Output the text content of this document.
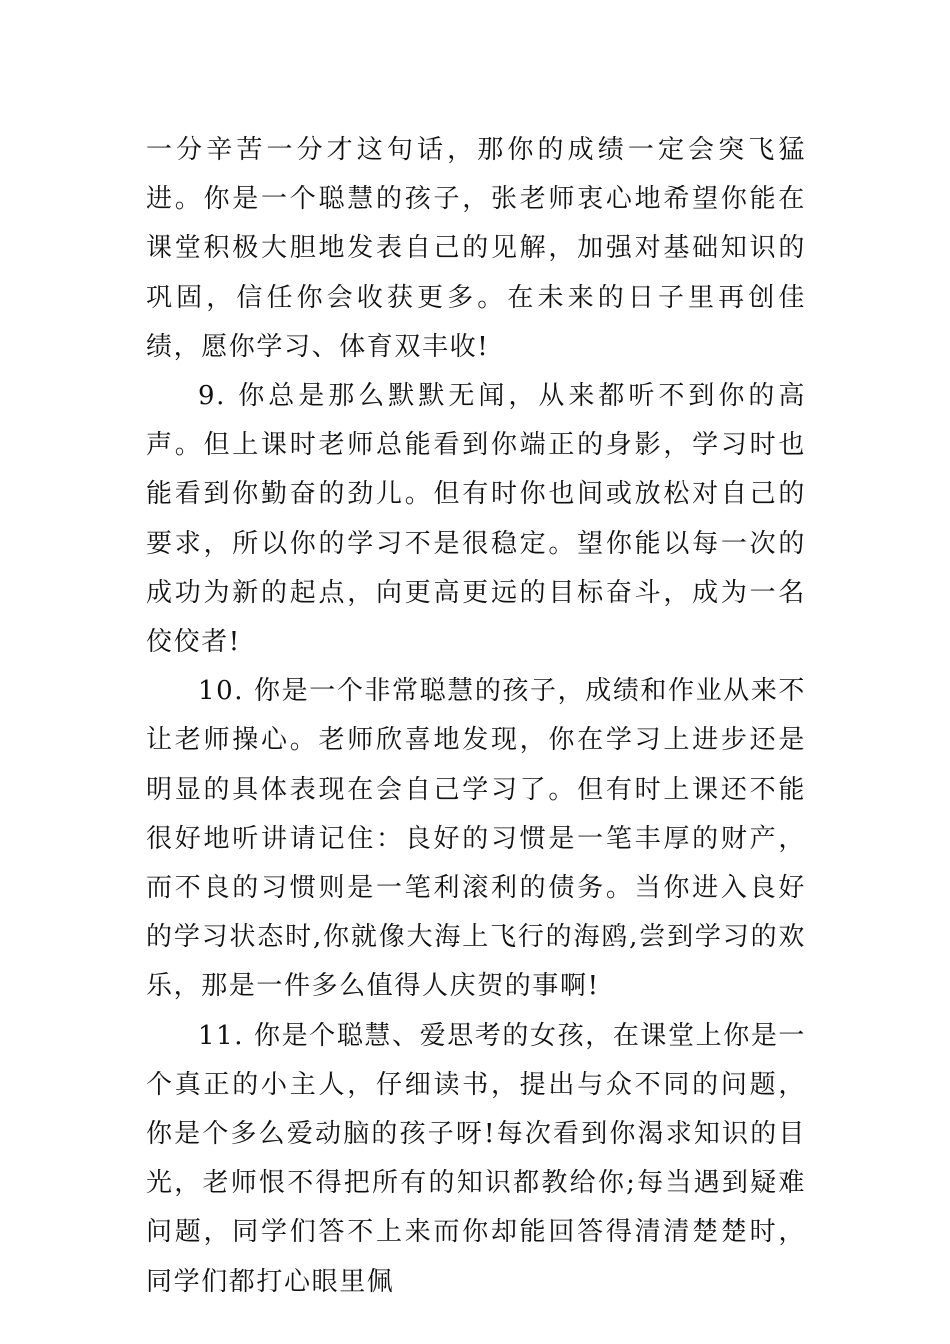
一分辛苦一分才这句话，那你的成绩一定会突飞猛进。你是一个聪慧的孩子，张老师衷心地希望你能在课堂积极大胆地发表自己的见解，加强对基础知识的巩固，信任你会收获更多。在未来的日子里再创佳绩，愿你学习、体育双丰收!

9. 你总是那么默默无闻，从来都听不到你的高声。但上课时老师总能看到你端正的身影，学习时也能看到你勤奋的劲儿。但有时你也间或放松对自己的要求，所以你的学习不是很稳定。望你能以每一次的成功为新的起点，向更高更远的目标奋斗，成为一名佼佼者!

10. 你是一个非常聪慧的孩子，成绩和作业从来不让老师操心。老师欣喜地发现，你在学习上进步还是明显的具体表现在会自己学习了。但有时上课还不能很好地听讲请记住：良好的习惯是一笔丰厚的财产，而不良的习惯则是一笔利滚利的债务。当你进入良好的学习状态时,你就像大海上飞行的海鸥,尝到学习的欢乐，那是一件多么值得人庆贺的事啊!

11. 你是个聪慧、爱思考的女孩，在课堂上你是一个真正的小主人，仔细读书，提出与众不同的问题，你是个多么爱动脑的孩子呀!每次看到你渴求知识的目光，老师恨不得把所有的知识都教给你;每当遇到疑难问题，同学们答不上来而你却能回答得清清楚楚时，同学们都打心眼里佩
